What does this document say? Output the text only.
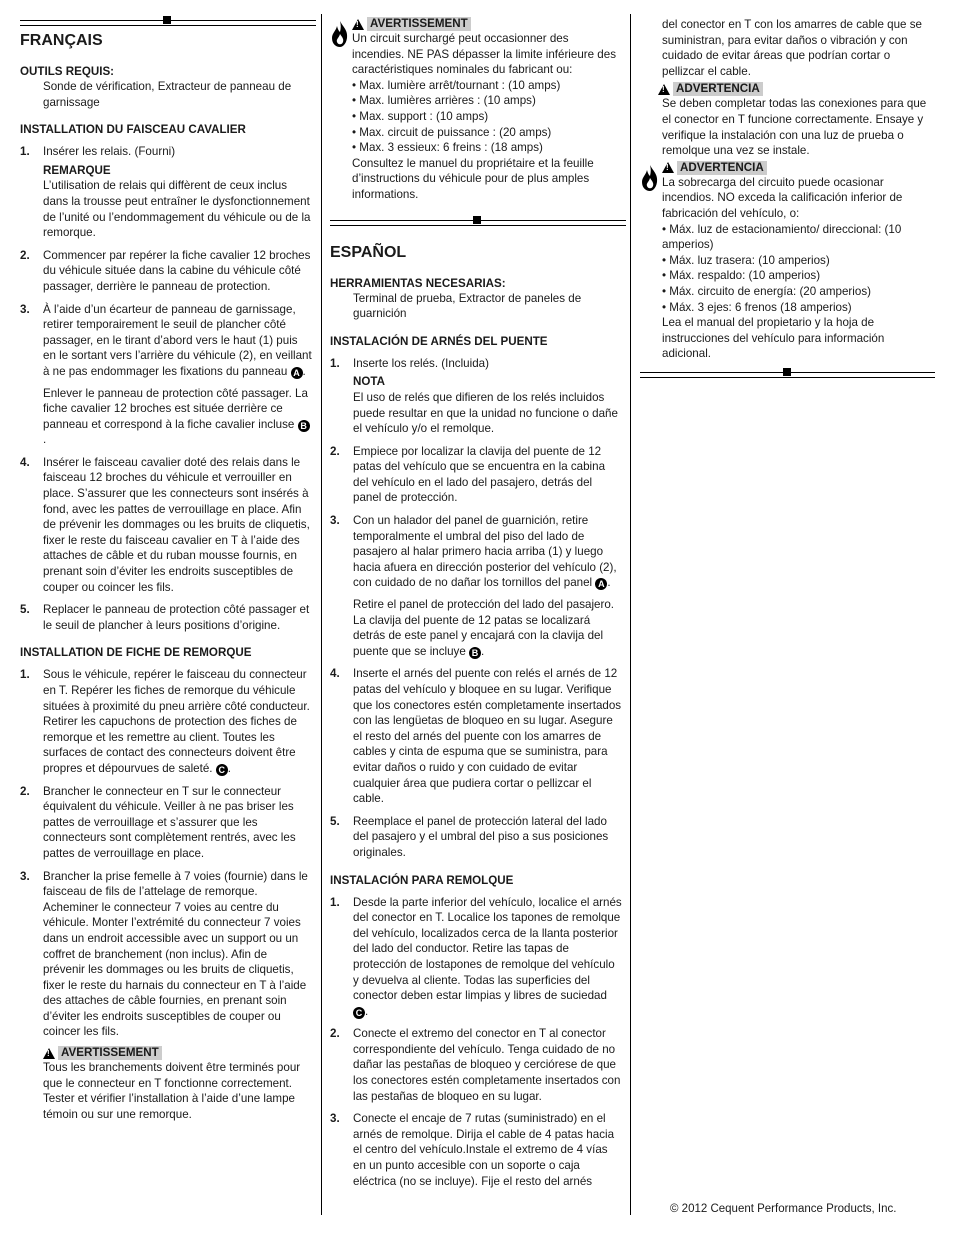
FRANÇAIS
OUTILS REQUIS:
Sonde de vérification, Extracteur de panneau de garnissage
INSTALLATION DU FAISCEAU CAVALIER
1.	Insérer les relais. (Fourni)
REMARQUE
L’utilisation de relais qui diffèrent de ceux inclus dans la trousse peut entraîner le dysfonctionnement de l’unité ou l’endommagement du véhicule ou de la remorque.
2.	Commencer par repérer la fiche cavalier 12 broches du véhicule située dans la cabine du véhicule côté passager, derrière le panneau de protection.
3.	À l’aide d’un écarteur de panneau de garnissage, retirer temporairement le seuil de plancher côté passager, en le tirant d’abord vers le haut (1) puis en le sortant vers l’arrière du véhicule (2), en veillant à ne pas endommager les fixations du panneau A .
Enlever le panneau de protection côté passager. La fiche cavalier 12 broches est située derrière ce panneau et correspond à la fiche cavalier incluse B.
4.	Insérer le faisceau cavalier doté des relais dans le faisceau 12 broches du véhicule et verrouiller en place. S’assurer que les connecteurs sont insérés à fond, avec les pattes de verrouillage en place. Afin de prévenir les dommages ou les bruits de cliquetis, fixer le reste du faisceau cavalier en T à l’aide des attaches de câble et du ruban mousse fournis, en prenant soin d’éviter les endroits susceptibles de couper ou coincer les fils.
5.	Replacer le panneau de protection côté passager et le seuil de plancher à leurs positions d’origine.
INSTALLATION DE FICHE DE REMORQUE
1.	Sous le véhicule, repérer le faisceau du connecteur en T. Repérer les fiches de remorque du véhicule situées à proximité du pneu arrière côté conducteur. Retirer les capuchons de protection des fiches de remorque et les remettre au client. Toutes les surfaces de contact des connecteurs doivent être propres et dépourvues de saleté. C .
2.	Brancher le connecteur en T sur le connecteur équivalent du véhicule. Veiller à ne pas briser les pattes de verrouillage et s’assurer que les connecteurs sont complètement rentrés, avec les pattes de verrouillage en place.
3.	Brancher la prise femelle à 7 voies (fournie) dans le faisceau de fils de l’attelage de remorque. Acheminer le connecteur 7 voies au centre du véhicule. Monter l’extrémité du connecteur 7 voies dans un endroit accessible avec un support ou un coffret de branchement (non inclus). Afin de prévenir les dommages ou les bruits de cliquetis, fixer le reste du harnais du connecteur en T à l’aide des attaches de câble fournies, en prenant soin d’éviter les endroits susceptibles de couper ou coincer les fils.
! AVERTISSEMENT
Tous les branchements doivent être terminés pour que le connecteur en T fonctionne correctement. Tester et vérifier l’installation à l’aide d’une lampe témoin ou sur une remorque.
! AVERTISSEMENT
Un circuit surchargé peut occasionner des incendies. NE PAS dépasser la limite inférieure des caractéristiques nominales du fabricant ou:
• Max. lumière arrêt/tournant : (10 amps)
• Max. lumières arrières : (10 amps)
• Max. support : (10 amps)
• Max. circuit de puissance : (20 amps)
• Max. 3 essieux: 6 freins : (18 amps)
Consultez le manuel du propriétaire et la feuille d’instructions du véhicule pour de plus amples informations.
ESPAÑOL
HERRAMIENTAS NECESARIAS:
Terminal de prueba, Extractor de paneles de guarnición
INSTALACIÓN DE ARNÉS DEL PUENTE
1.	Inserte los relés. (Incluida)
NOTA
El uso de relés que difieren de los relés incluidos puede resultar en que la unidad no funcione o dañe el vehículo y/o el remolque.
2.	Empiece por localizar la clavija del puente de 12 patas del vehículo que se encuentra en la cabina del vehículo en el lado del pasajero, detrás del panel de protección.
3.	Con un halador del panel de guarnición, retire temporalmente el umbral del piso del lado de pasajero al halar primero hacia arriba (1) y luego hacia afuera en dirección posterior del vehículo (2), con cuidado de no dañar los tornillos del panel A .
Retire el panel de protección del lado del pasajero. La clavija del puente de 12 patas se localizará detrás de este panel y encajará con la clavija del puente que se incluye B .
4.	Inserte el arnés del puente con relés el arnés de 12 patas del vehículo y bloquee en su lugar. Verifique que los conectores estén completamente insertados con las lengüetas de bloqueo en su lugar. Asegure el resto del arnés del puente con los amarres de cables y cinta de espuma que se suministra, para evitar daños o ruido y con cuidado de evitar cualquier área que pudiera cortar o pellizcar el cable.
5.	Reemplace el panel de protección lateral del lado del pasajero y el umbral del piso a sus posiciones originales.
INSTALACIÓN PARA REMOLQUE
1.	Desde la parte inferior del vehículo, localice el arnés del conector en T. Localice los tapones de remolque del vehículo, localizados cerca de la llanta posterior del lado del conductor. Retire las tapas de protección de lostapones de remolque del vehículo y devuelva al cliente. Todas las superficies del conector deben estar limpias y libres de suciedad C .
2.	Conecte el extremo del conector en T al conector correspondiente del vehículo. Tenga cuidado de no dañar las pestañas de bloqueo y cerciórese de que los conectores estén completamente insertados con las pestañas de bloqueo en su lugar.
3.	Conecte el encaje de 7 rutas (suministrado) en el arnés de remolque. Dirija el cable de 4 patas hacia el centro del vehículo.Instale el extremo de 4 vías en un punto accesible con un soporte o caja eléctrica (no se incluye). Fije el resto del arnés
del conector en T con los amarres de cable que se suministran, para evitar daños o vibración y con cuidado de evitar áreas que podrían cortar o pellizcar el cable.
! ADVERTENCIA
Se deben completar todas las conexiones para que el conector en T funcione correctamente. Ensaye y verifique la instalación con una luz de prueba o remolque una vez se instale.
! ADVERTENCIA
La sobrecarga del circuito puede ocasionar incendios. NO exceda la calificación inferior de fabricación del vehículo, o:
• Máx. luz de estacionamiento/ direccional: (10 amperios)
• Máx. luz trasera: (10 amperios)
• Máx. respaldo: (10 amperios)
• Máx. circuito de energía: (20 amperios)
• Máx. 3 ejes: 6 frenos (18 amperios)
Lea el manual del propietario y la hoja de instrucciones del vehículo para información adicional.
© 2012 Cequent Performance Products, Inc.
